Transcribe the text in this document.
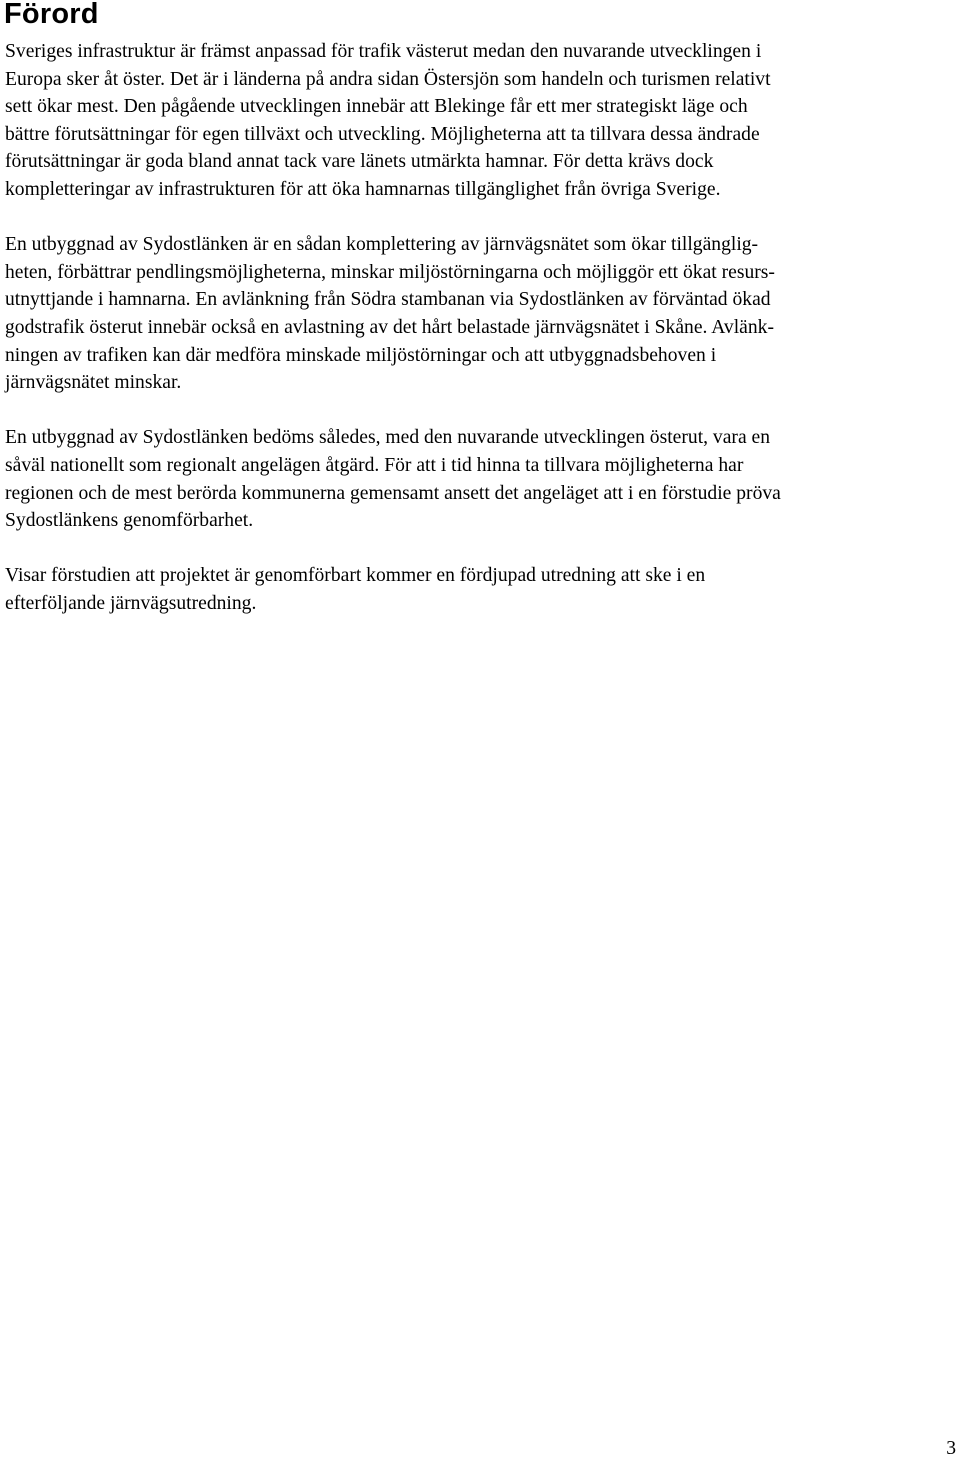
Förord

Sveriges infrastruktur är främst anpassad för trafik västerut medan den nuvarande utvecklingen i
Europa sker åt öster. Det är i länderna på andra sidan Östersjön som handeln och turismen relativt
sett ökar mest. Den pågående utvecklingen innebär att Blekinge får ett mer strategiskt läge och
bättre förutsättningar för egen tillväxt och utveckling. Möjligheterna att ta tillvara dessa ändrade
förutsättningar är goda bland annat tack vare länets utmärkta hamnar. För detta krävs dock
kompletteringar av infrastrukturen för att öka hamnarnas tillgänglighet från övriga Sverige.

En utbyggnad av Sydostlänken är en sådan komplettering av järnvägsnätet som ökar tillgänglig-
heten, förbättrar pendlingsmöjligheterna, minskar miljöstörningarna och möjliggör ett ökat resurs-
utnyttjande i hamnarna. En avlänkning från Södra stambanan via Sydostlänken av förväntad ökad
godstrafik österut innebär också en avlastning av det hårt belastade järnvägsnätet i Skåne. Avlänk-
ningen av trafiken kan där medföra minskade miljöstörningar och att utbyggnadsbehoven i
järnvägsnätet minskar.

En utbyggnad av Sydostlänken bedöms således, med den nuvarande utvecklingen österut, vara en
såväl nationellt som regionalt angelägen åtgärd. För att i tid hinna ta tillvara möjligheterna har
regionen och de mest berörda kommunerna gemensamt ansett det angeläget att i en förstudie pröva
Sydostlänkens genomförbarhet.

Visar förstudien att projektet är genomförbart kommer en fördjupad utredning att ske i en
efterföljande järnvägsutredning.

3
